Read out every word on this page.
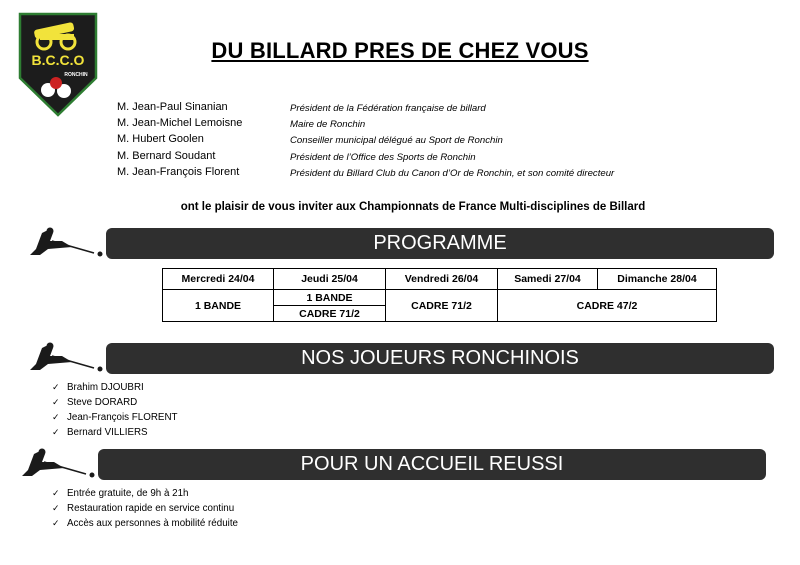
B.C.C.O
RONCHIN
DU BILLARD PRES DE CHEZ VOUS
M. Jean-Paul Sinanian	Président de la Fédération française de billard
M. Jean-Michel Lemoisne	Maire de Ronchin
M. Hubert Goolen	Conseiller municipal délégué au Sport de Ronchin
M. Bernard Soudant	Président de l’Office des Sports de Ronchin
M. Jean-François Florent	Président du Billard Club du Canon d’Or de Ronchin, et son comité directeur
ont le plaisir de vous inviter aux Championnats de France Multi-disciplines de Billard
PROGRAMME
Mercredi 24/04	Jeudi 25/04	Vendredi 26/04	Samedi 27/04	Dimanche 28/04
1 BANDE	1 BANDE	CADRE 71/2	CADRE 47/2	
	CADRE 71/2			
NOS JOUEURS RONCHINOIS
✓ Brahim DJOUBRI
✓ Steve DORARD
✓ Jean-François FLORENT
✓ Bernard VILLIERS
POUR UN ACCUEIL REUSSI
✓ Entrée gratuite, de 9h à 21h
✓ Restauration rapide en service continu
✓ Accès aux personnes à mobilité réduite
